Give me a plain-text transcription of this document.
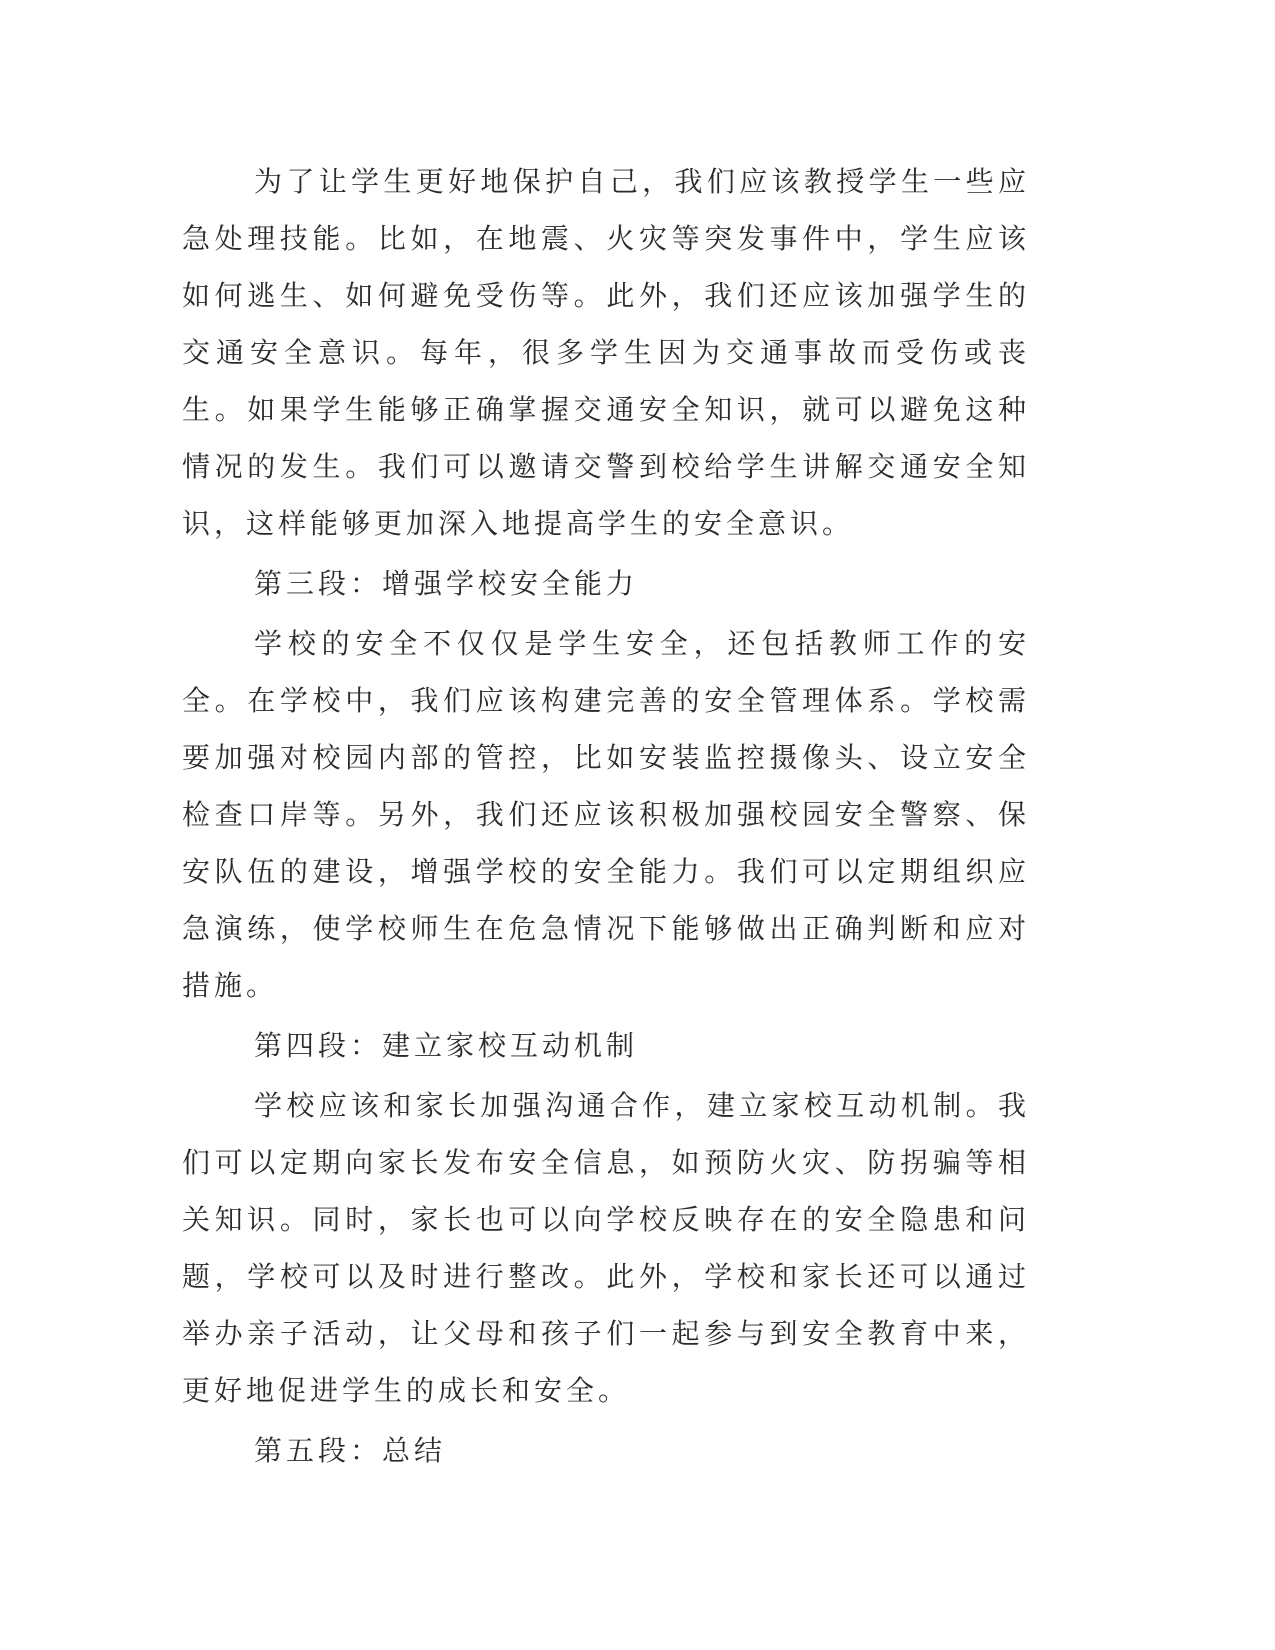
为了让学生更好地保护自己，我们应该教授学生一些应急处理技能。比如，在地震、火灾等突发事件中，学生应该如何逃生、如何避免受伤等。此外，我们还应该加强学生的交通安全意识。每年，很多学生因为交通事故而受伤或丧生。如果学生能够正确掌握交通安全知识，就可以避免这种情况的发生。我们可以邀请交警到校给学生讲解交通安全知识，这样能够更加深入地提高学生的安全意识。

第三段：增强学校安全能力

学校的安全不仅仅是学生安全，还包括教师工作的安全。在学校中，我们应该构建完善的安全管理体系。学校需要加强对校园内部的管控，比如安装监控摄像头、设立安全检查口岸等。另外，我们还应该积极加强校园安全警察、保安队伍的建设，增强学校的安全能力。我们可以定期组织应急演练，使学校师生在危急情况下能够做出正确判断和应对措施。

第四段：建立家校互动机制

学校应该和家长加强沟通合作，建立家校互动机制。我们可以定期向家长发布安全信息，如预防火灾、防拐骗等相关知识。同时，家长也可以向学校反映存在的安全隐患和问题，学校可以及时进行整改。此外，学校和家长还可以通过举办亲子活动，让父母和孩子们一起参与到安全教育中来，更好地促进学生的成长和安全。

第五段：总结
